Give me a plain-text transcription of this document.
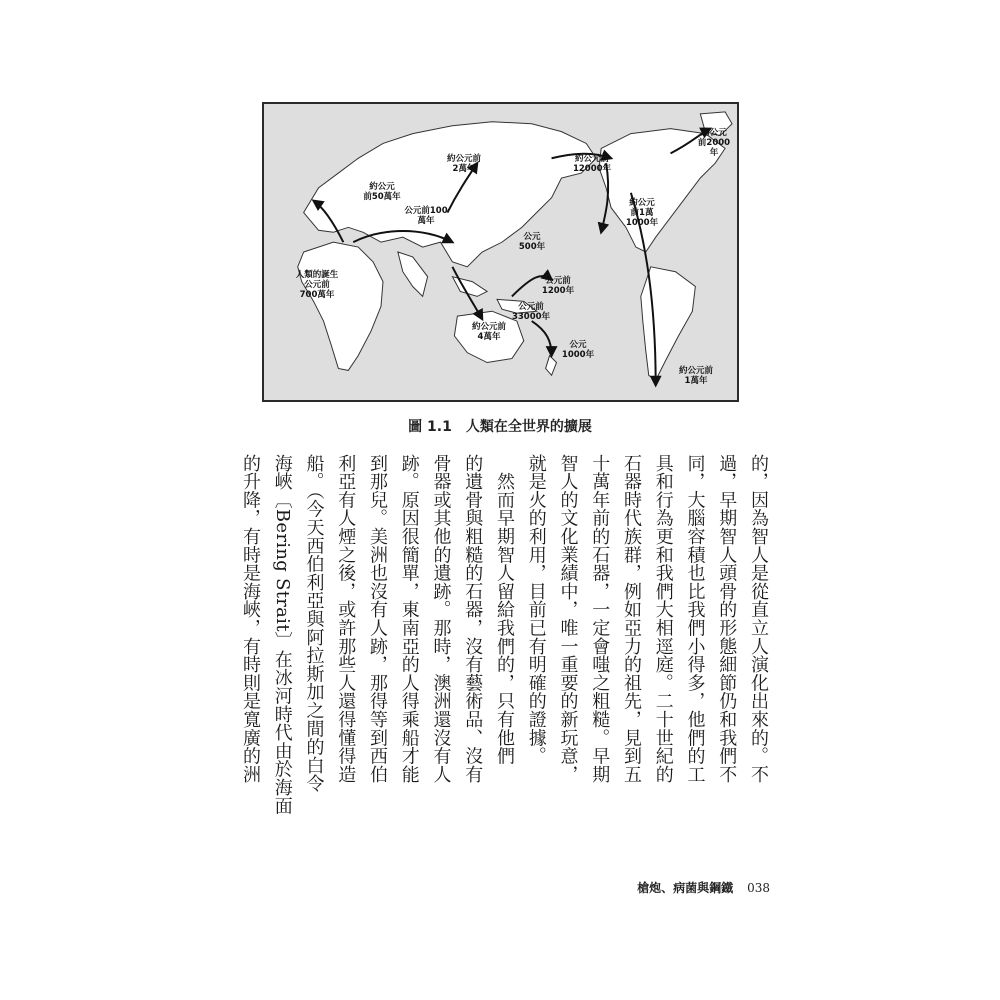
人類的誕生
公元前
700萬年
約公元
前50萬年
公元前100
萬年
約公元前
2萬年
約公元前
12000年
約公元
前2000
年
約公元
前1萬
1000年
公元
500年
公元前
1200年
公元前
33000年
約公元前
4萬年
公元
1000年
約公元前
1萬年
圖 1.1 人類在全世界的擴展
的，因為智人是從直立人演化出來的。不
過，早期智人頭骨的形態細節仍和我們不
同，大腦容積也比我們小得多，他們的工
具和行為更和我們大相逕庭。二十世紀的
石器時代族群，例如亞力的祖先，見到五
十萬年前的石器，一定會嗤之粗糙。早期
智人的文化業績中，唯一重要的新玩意，
就是火的利用，目前已有明確的證據。
　然而早期智人留給我們的，只有他們
的遺骨與粗糙的石器，沒有藝術品、沒有
骨器或其他的遺跡。那時，澳洲還沒有人
跡。原因很簡單，東南亞的人得乘船才能
到那兒。美洲也沒有人跡，那得等到西伯
利亞有人煙之後，或許那些人還得懂得造
船。（今天西伯利亞與阿拉斯加之間的白令
海峽〔Bering Strait〕在冰河時代由於海面
的升降，有時是海峽，有時則是寬廣的洲
槍炮、病菌與鋼鐵 038
